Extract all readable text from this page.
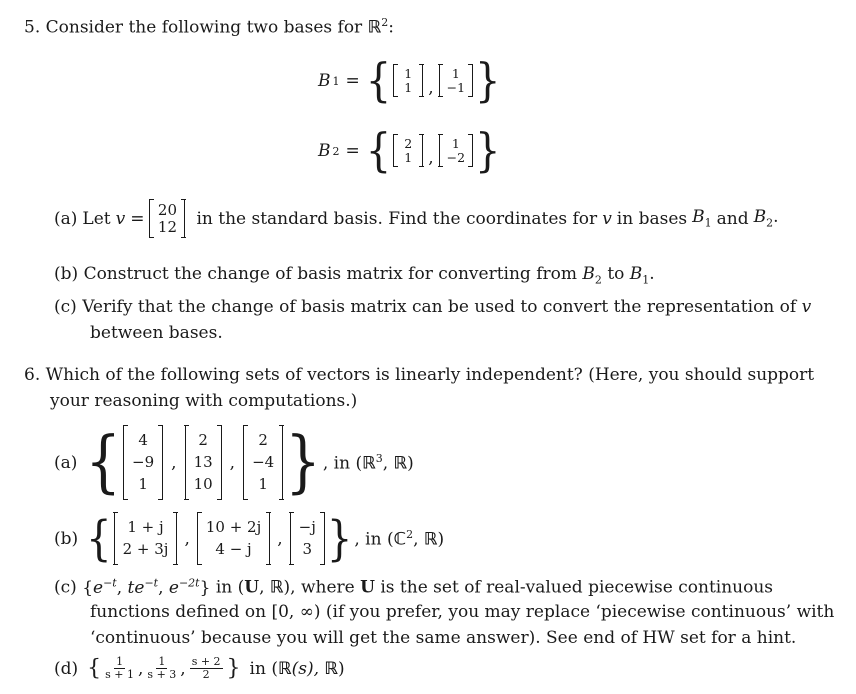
5. Consider the following two bases for ℝ$^2$:
B 1 = { 1
1 ,
1
−1 }
B 2 = { 2
1 ,
1
−2 }
(a) Let v = 20
12 in the standard basis. Find the coordinates for v in bases $B_1$ and $B_2$.
(b) Construct the change of basis matrix for converting from $B_2$ to $B_1$.
(c) Verify that the change of basis matrix can be used to convert the representation of v
between bases.
6. Which of the following sets of vectors is linearly independent? (Here, you should support
your reasoning with computations.)
(a) { 4
−9
1
,
2
13
10
,
2
−4
1 } , in (ℝ$^3$, ℝ)
(b) { 1 + j
2 + 3j ,
10 + 2j
4 − j ,
−j
3 } , in (ℂ$^2$, ℝ)
(c) {$e^{-t}$, $te^{-t}$, $e^{-2t}$} in (U, ℝ), where U is the set of real-valued piecewise continuous
functions defined on [0, ∞) (if you prefer, you may replace ‘piecewise continuous’ with
‘continuous’ because you will get the same answer). See end of HW set for a hint.
(d) { $\frac{1}{s + 1}$ , $\frac{1}{s + 3}$ , $\frac{s + 2}{2}$ } in (ℝ(s), ℝ)
